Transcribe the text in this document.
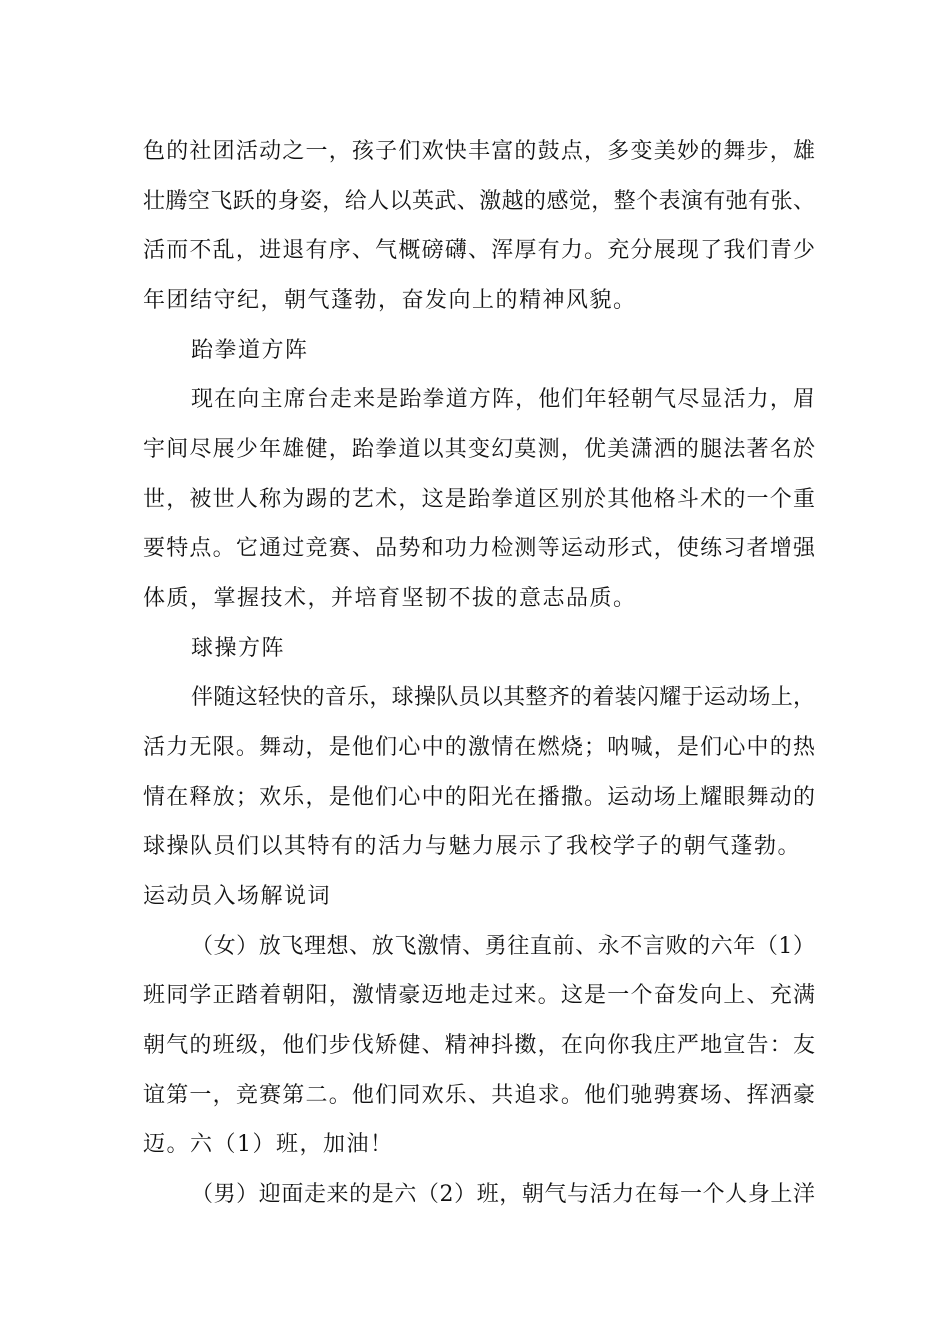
色的社团活动之一，孩子们欢快丰富的鼓点，多变美妙的舞步，雄
壮腾空飞跃的身姿，给人以英武、激越的感觉，整个表演有弛有张、
活而不乱，进退有序、气概磅礴、浑厚有力。充分展现了我们青少
年团结守纪，朝气蓬勃，奋发向上的精神风貌。
跆拳道方阵
现在向主席台走来是跆拳道方阵，他们年轻朝气尽显活力，眉
宇间尽展少年雄健，跆拳道以其变幻莫测，优美潇洒的腿法著名於
世，被世人称为踢的艺术，这是跆拳道区别於其他格斗术的一个重
要特点。它通过竞赛、品势和功力检测等运动形式，使练习者增强
体质，掌握技术，并培育坚韧不拔的意志品质。
球操方阵
伴随这轻快的音乐，球操队员以其整齐的着装闪耀于运动场上，
活力无限。舞动，是他们心中的激情在燃烧；呐喊，是们心中的热
情在释放；欢乐，是他们心中的阳光在播撒。运动场上耀眼舞动的
球操队员们以其特有的活力与魅力展示了我校学子的朝气蓬勃。
运动员入场解说词
（女）放飞理想、放飞激情、勇往直前、永不言败的六年（1）
班同学正踏着朝阳，激情豪迈地走过来。这是一个奋发向上、充满
朝气的班级，他们步伐矫健、精神抖擞，在向你我庄严地宣告：友
谊第一，竞赛第二。他们同欢乐、共追求。他们驰骋赛场、挥洒豪
迈。六（1）班，加油！
（男）迎面走来的是六（2）班，朝气与活力在每一个人身上洋
